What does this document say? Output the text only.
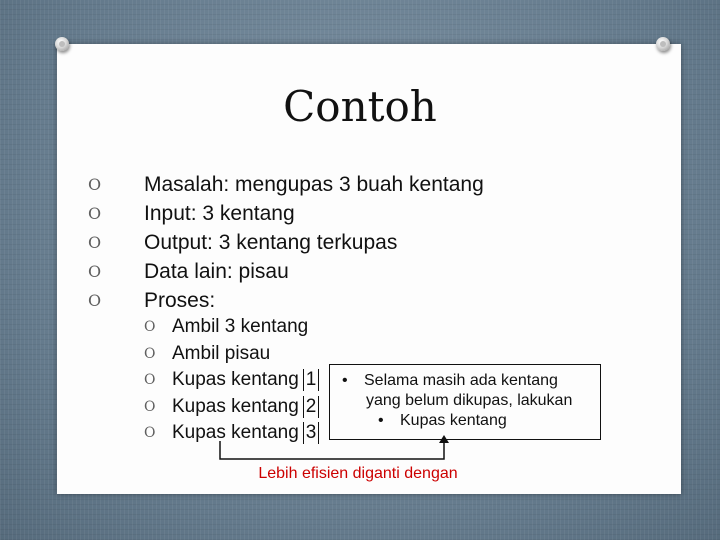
Contoh
O Masalah: mengupas 3 buah kentang
O Input: 3 kentang
O Output: 3 kentang terkupas
O Data lain: pisau
O Proses:
O Ambil 3 kentang
O Ambil pisau
O Kupas kentang 1
O Kupas kentang 2
O Kupas kentang 3
• Selama masih ada kentang
yang belum dikupas, lakukan
• Kupas kentang
Lebih efisien diganti dengan
